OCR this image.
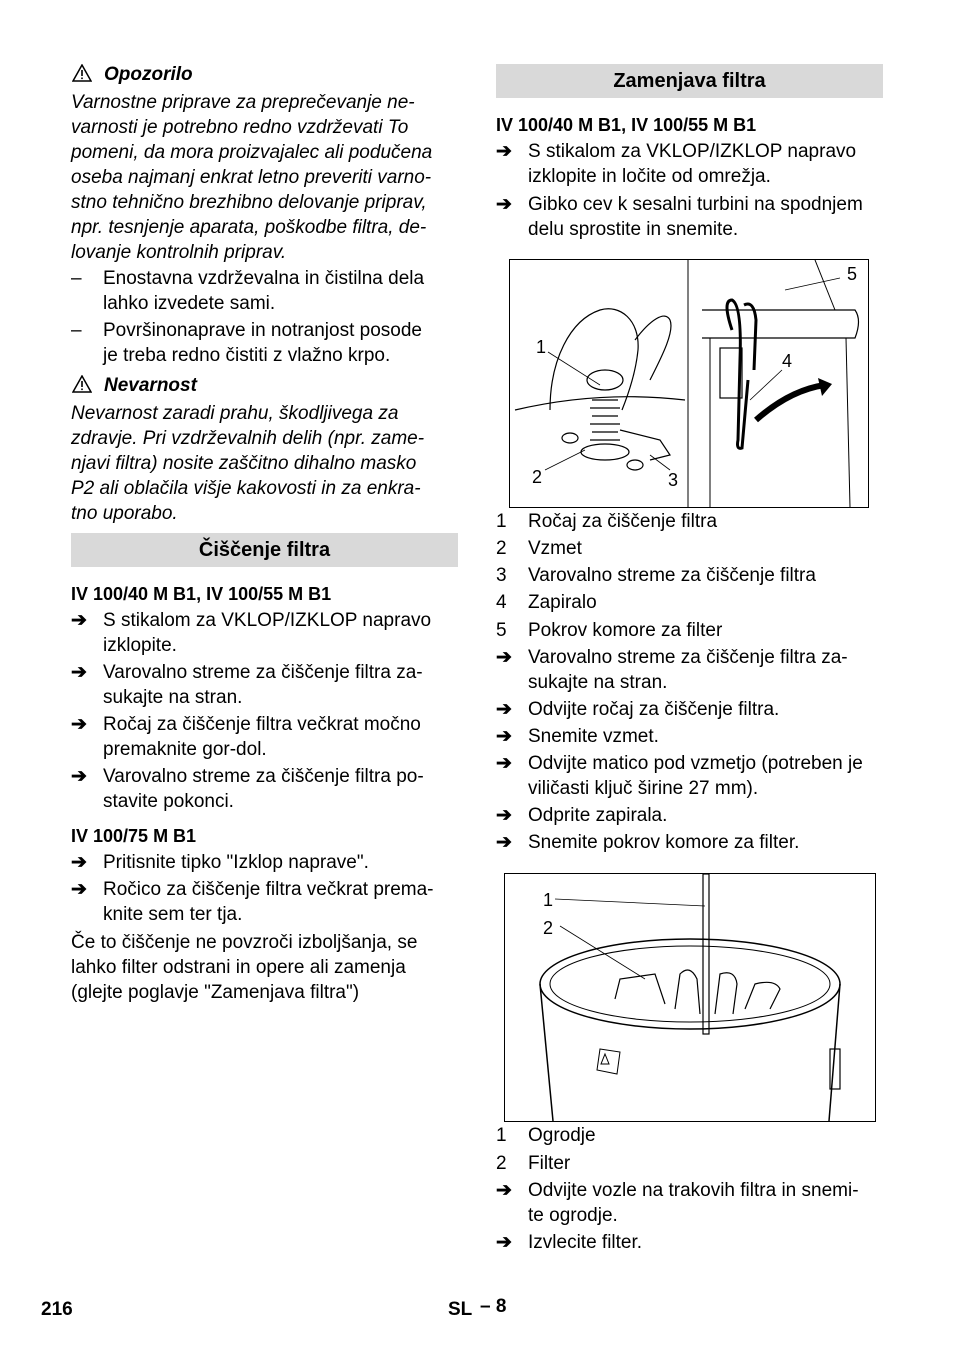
Opozorilo
Varnostne priprave za preprečevanje ne-
varnosti je potrebno redno vzdrževati To
pomeni, da mora proizvajalec ali podučena
oseba najmanj enkrat letno preveriti varno-
stno tehnično brezhibno delovanje priprav,
npr. tesnjenje aparata, poškodbe filtra, de-
lovanje kontrolnih priprav.
–	Enostavna vzdrževalna in čistilna dela
lahko izvedete sami.
–	Površinonaprave in notranjost posode
je treba redno čistiti z vlažno krpo.
Nevarnost
Nevarnost zaradi prahu, škodljivega za
zdravje. Pri vzdrževalnih delih (npr. zame-
njavi filtra) nosite zaščitno dihalno masko
P2 ali oblačila višje kakovosti in za enkra-
tno uporabo.
Čiščenje filtra
IV 100/40 M B1, IV 100/55 M B1
➔ S stikalom za VKLOP/IZKLOP napravo
izklopite.
➔ Varovalno streme za čiščenje filtra za-
sukajte na stran.
➔ Ročaj za čiščenje filtra večkrat močno
premaknite gor-dol.
➔ Varovalno streme za čiščenje filtra po-
stavite pokonci.
IV 100/75 M B1
➔ Pritisnite tipko "Izklop naprave".
➔ Ročico za čiščenje filtra večkrat prema-
knite sem ter tja.
Če to čiščenje ne povzroči izboljšanja, se
lahko filter odstrani in opere ali zamenja
(glejte poglavje "Zamenjava filtra")
Zamenjava filtra
IV 100/40 M B1, IV 100/55 M B1
➔ S stikalom za VKLOP/IZKLOP napravo
izklopite in ločite od omrežja.
➔ Gibko cev k sesalni turbini na spodnjem
delu sprostite in snemite.
1
2	3
4
5
1 Ročaj za čiščenje filtra
2 Vzmet
3 Varovalno streme za čiščenje filtra
4 Zapiralo
5 Pokrov komore za filter
➔ Varovalno streme za čiščenje filtra za-
sukajte na stran.
➔ Odvijte ročaj za čiščenje filtra.
➔ Snemite vzmet.
➔ Odvijte matico pod vzmetjo (potreben je
viličasti ključ širine 27 mm).
➔ Odprite zapirala.
➔ Snemite pokrov komore za filter.
1
2
1 Ogrodje
2 Filter
➔ Odvijte vozle na trakovih filtra in snemi-
te ogrodje.
➔ Izvlecite filter.
216	SL – 8
